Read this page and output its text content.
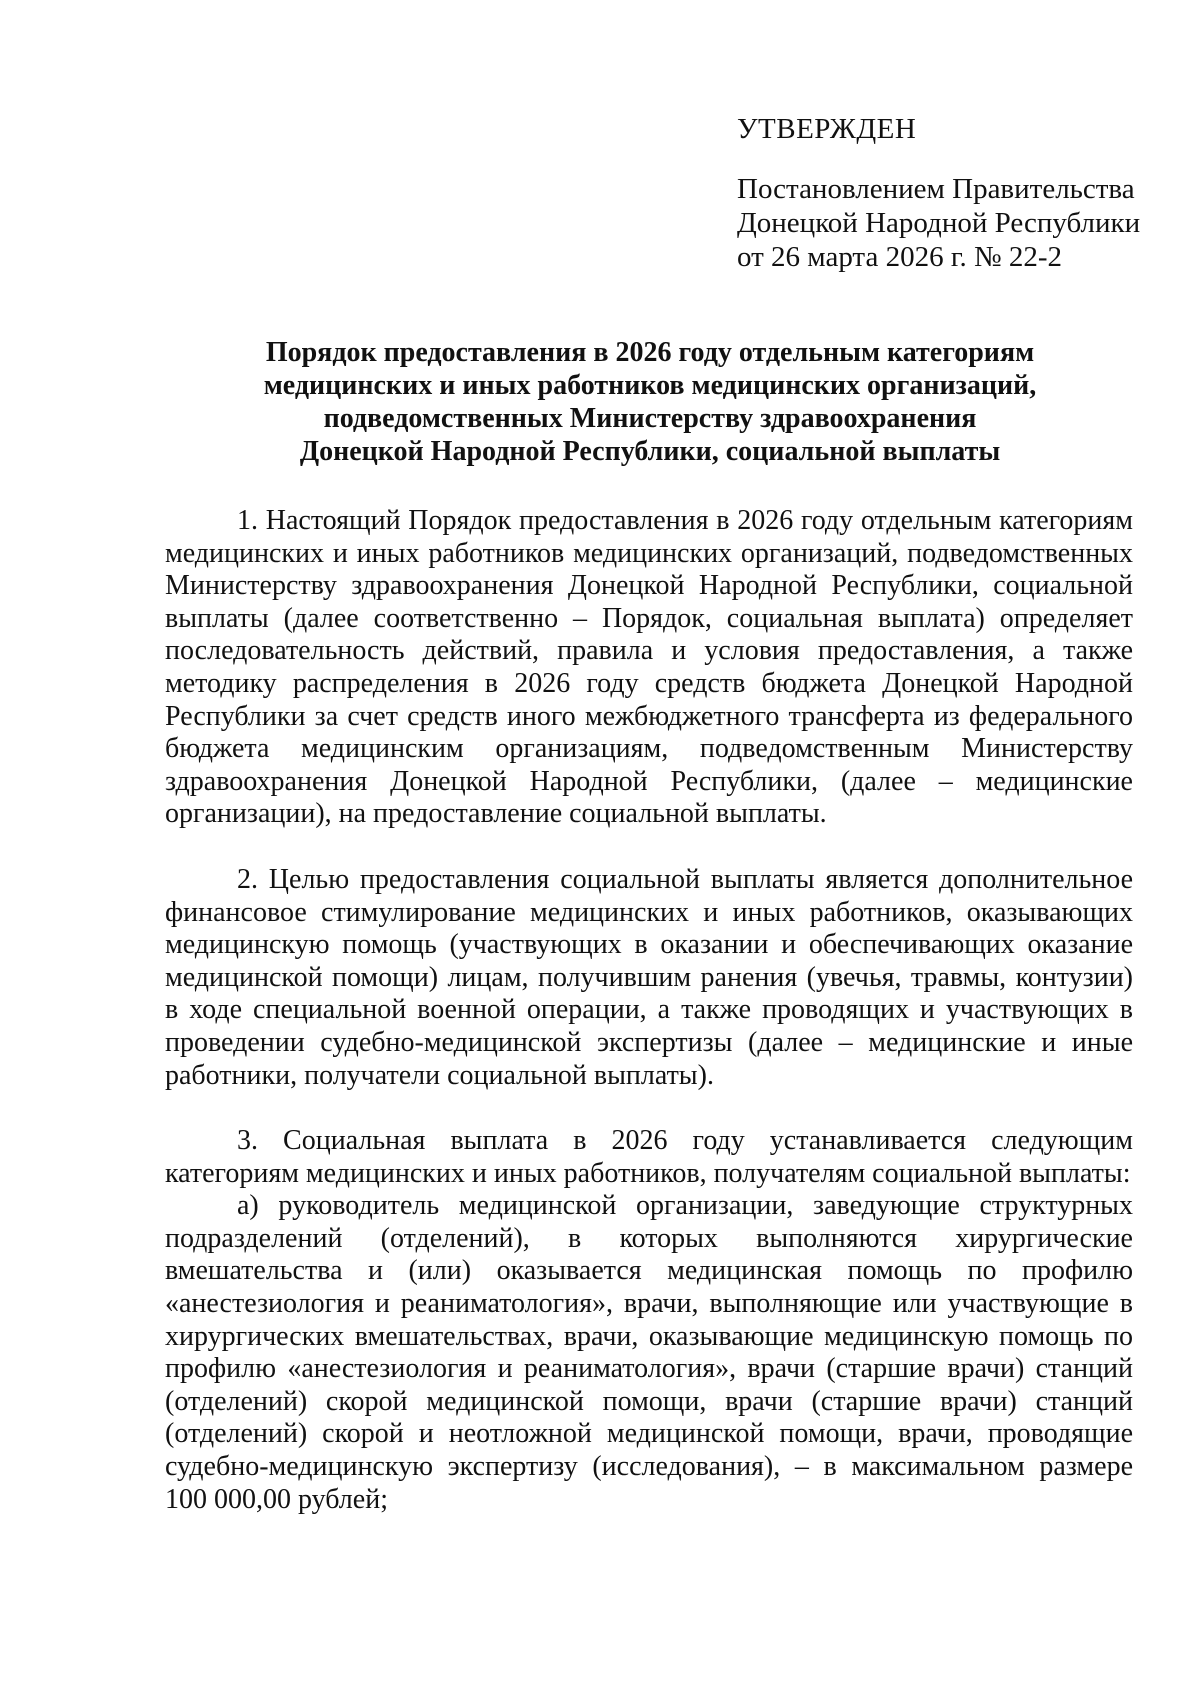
УТВЕРЖДЕН
Постановлением Правительства
Донецкой Народной Республики
от 26 марта 2026 г. № 22-2
Порядок предоставления в 2026 году отдельным категориям
медицинских и иных работников медицинских организаций,
подведомственных Министерству здравоохранения
Донецкой Народной Республики, социальной выплаты

1. Настоящий Порядок предоставления в 2026 году отдельным категориям медицинских и иных работников медицинских организаций, подведомственных Министерству здравоохранения Донецкой Народной Республики, социальной выплаты (далее соответственно – Порядок, социальная выплата) определяет последовательность действий, правила и условия предоставления, а также методику распределения в 2026 году средств бюджета Донецкой Народной Республики за счет средств иного межбюджетного трансферта из федерального бюджета медицинским организациям, подведомственным Министерству здравоохранения Донецкой Народной Республики, (далее – медицинские организации), на предоставление социальной выплаты.

2. Целью предоставления социальной выплаты является дополнительное финансовое стимулирование медицинских и иных работников, оказывающих медицинскую помощь (участвующих в оказании и обеспечивающих оказание медицинской помощи) лицам, получившим ранения (увечья, травмы, контузии) в ходе специальной военной операции, а также проводящих и участвующих в проведении судебно-медицинской экспертизы (далее – медицинские и иные работники, получатели социальной выплаты).

3. Социальная выплата в 2026 году устанавливается следующим категориям медицинских и иных работников, получателям социальной выплаты:

а) руководитель медицинской организации, заведующие структурных подразделений (отделений), в которых выполняются хирургические вмешательства и (или) оказывается медицинская помощь по профилю «анестезиология и реаниматология», врачи, выполняющие или участвующие в хирургических вмешательствах, врачи, оказывающие медицинскую помощь по профилю «анестезиология и реаниматология», врачи (старшие врачи) станций (отделений) скорой медицинской помощи, врачи (старшие врачи) станций (отделений) скорой и неотложной медицинской помощи, врачи, проводящие судебно-медицинскую экспертизу (исследования), – в максимальном размере 100 000,00 рублей;
